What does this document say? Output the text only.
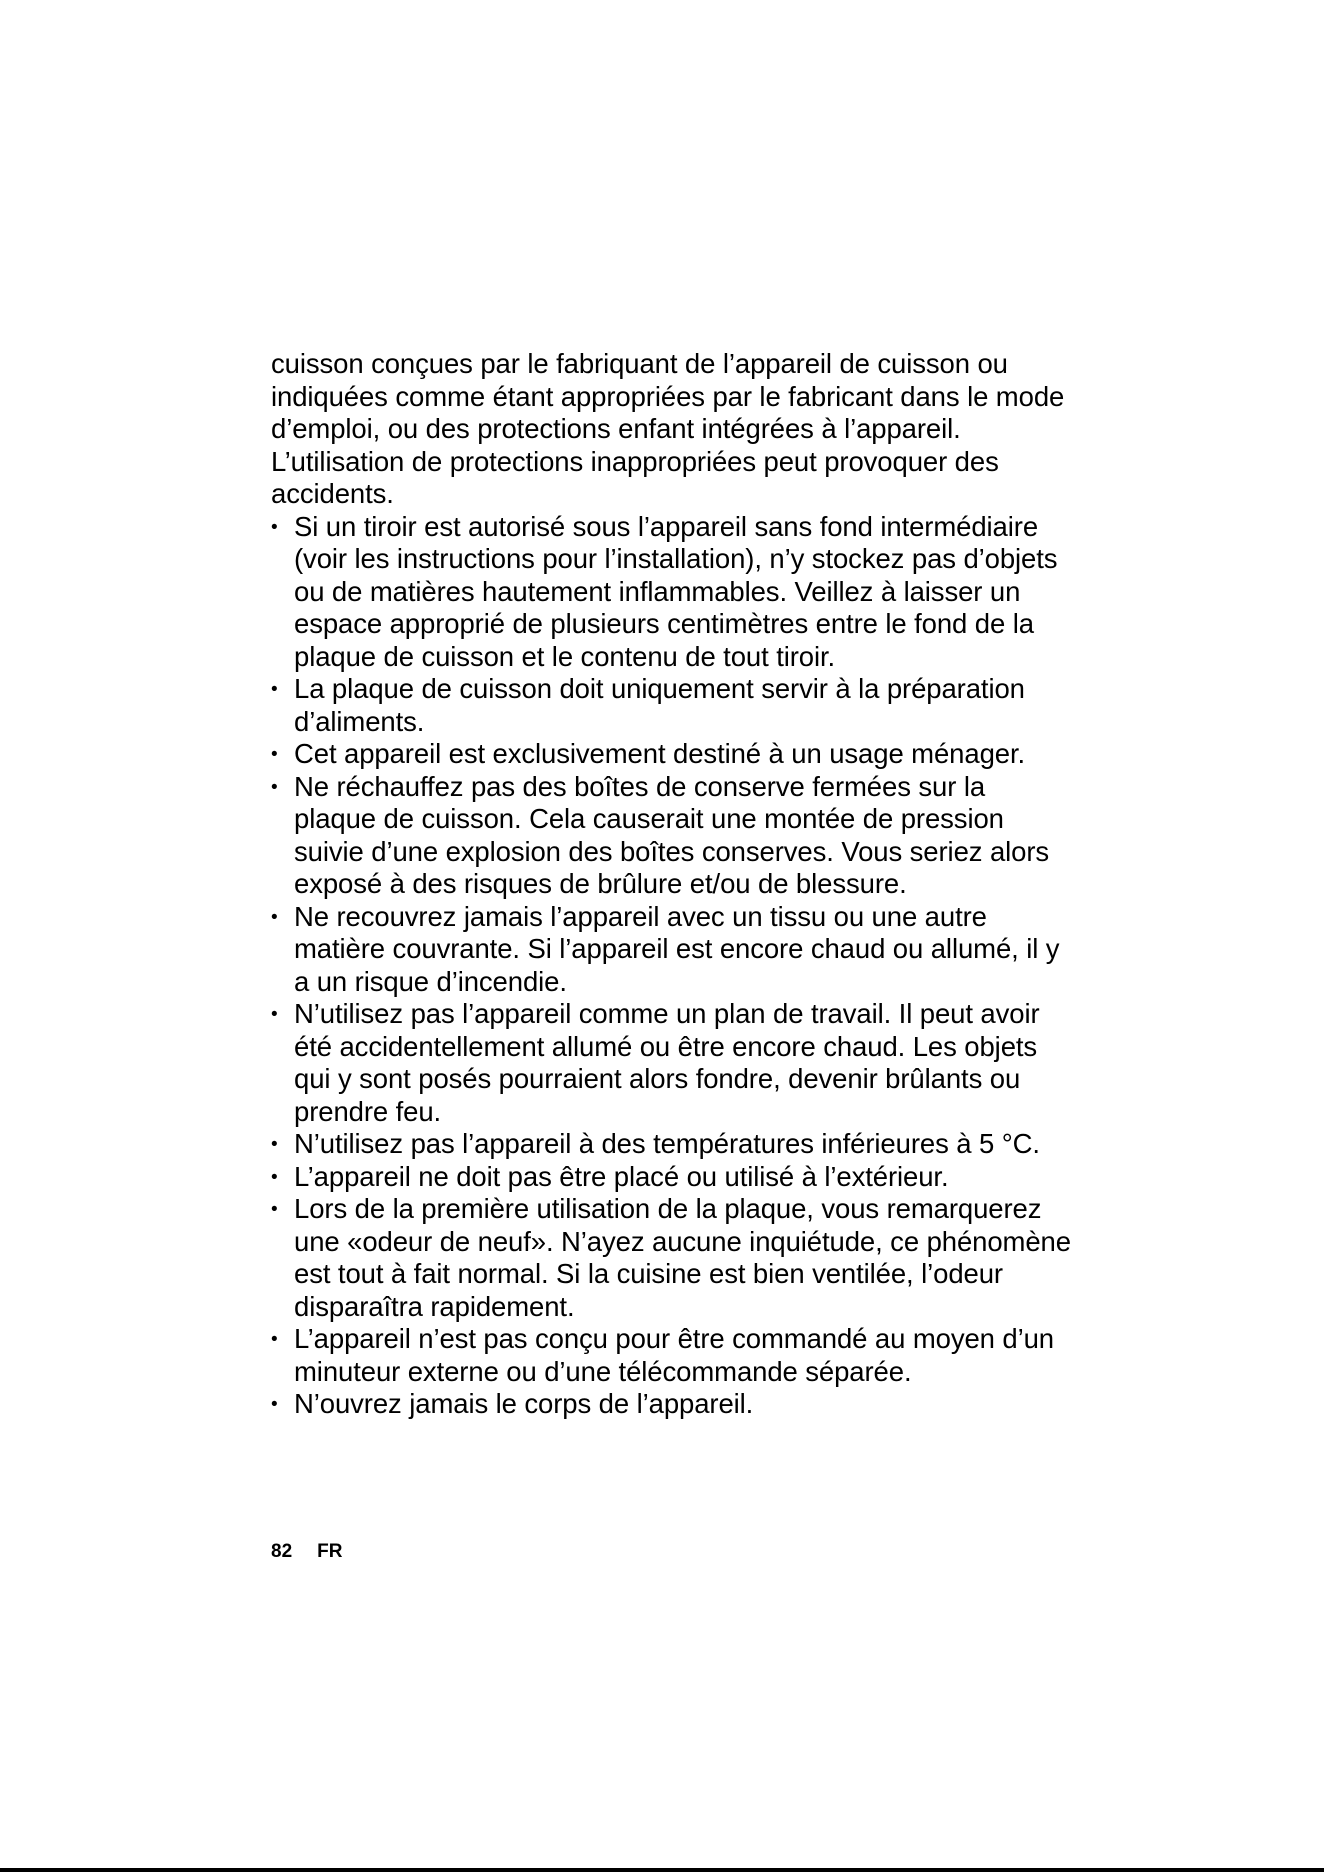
cuisson conçues par le fabriquant de l’appareil de cuisson ou indiquées comme étant appropriées par le fabricant dans le mode d’emploi, ou des protections enfant intégrées à l’appareil. L’utilisation de protections inappropriées peut provoquer des accidents.

•
Si un tiroir est autorisé sous l’appareil sans fond intermédiaire (voir les instructions pour l’installation), n’y stockez pas d’objets ou de matières hautement inflammables. Veillez à laisser un espace approprié de plusieurs centimètres entre le fond de la plaque de cuisson et le contenu de tout tiroir.
•
La plaque de cuisson doit uniquement servir à la préparation d’aliments.
•
Cet appareil est exclusivement destiné à un usage ménager.
•
Ne réchauffez pas des boîtes de conserve fermées sur la plaque de cuisson. Cela causerait une montée de pression suivie d’une explosion des boîtes conserves. Vous seriez alors exposé à des risques de brûlure et/ou de blessure.
•
Ne recouvrez jamais l’appareil avec un tissu ou une autre matière couvrante. Si l’appareil est encore chaud ou allumé, il y a un risque d’incendie.
•
N’utilisez pas l’appareil comme un plan de travail. Il peut avoir été accidentellement allumé ou être encore chaud. Les objets qui y sont posés pourraient alors fondre, devenir brûlants ou prendre feu.
•
N’utilisez pas l’appareil à des températures inférieures à 5 °C.
•
L’appareil ne doit pas être placé ou utilisé à l’extérieur.
•
Lors de la première utilisation de la plaque, vous remarquerez une «odeur de neuf». N’ayez aucune inquiétude, ce phénomène est tout à fait normal. Si la cuisine est bien ventilée, l’odeur disparaîtra rapidement.
•
L’appareil n’est pas conçu pour être commandé au moyen d’un minuteur externe ou d’une télécommande séparée.
•
N’ouvrez jamais le corps de l’appareil.
82 FR
